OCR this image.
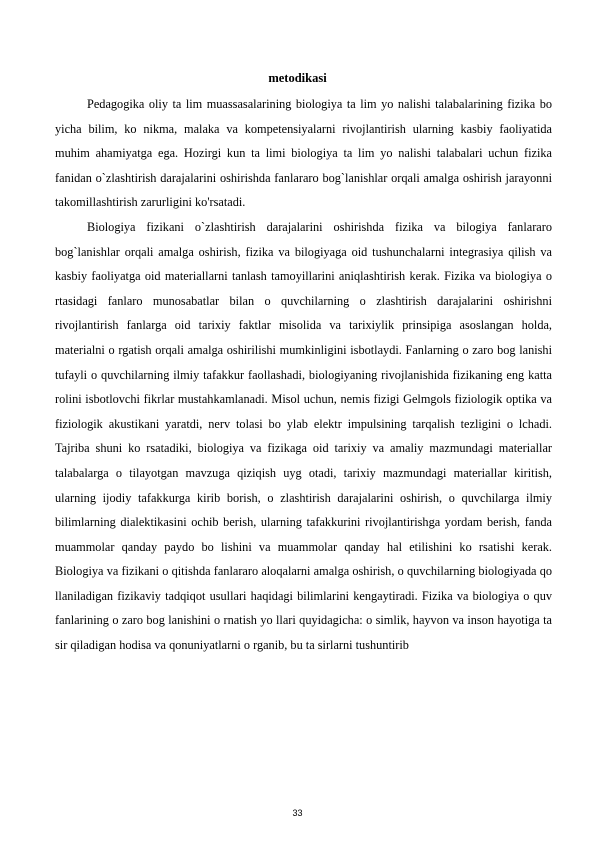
metodikasi

Pedagogika oliy ta lim muassasalarining biologiya ta lim yo nalishi talabalarining fizika bo yicha bilim, ko nikma, malaka va kompetensiyalarni rivojlantirish ularning kasbiy faoliyatida muhim ahamiyatga ega. Hozirgi kun ta limi biologiya ta lim yo nalishi talabalari uchun fizika fanidan o`zlashtirish darajalarini oshirishda fanlararo bog`lanishlar orqali amalga oshirish jarayonni takomillashtirish zarurligini ko'rsatadi.

Biologiya fizikani o`zlashtirish darajalarini oshirishda fizika va bilogiya fanlararo bog`lanishlar orqali amalga oshirish, fizika va bilogiyaga oid tushunchalarni integrasiya qilish va kasbiy faoliyatga oid materiallarni tanlash tamoyillarini aniqlashtirish kerak. Fizika va biologiya o rtasidagi fanlaro munosabatlar bilan o quvchilarning o zlashtirish darajalarini oshirishni rivojlantirish fanlarga oid tarixiy faktlar misolida va tarixiylik prinsipiga asoslangan holda, materialni o rgatish orqali amalga oshirilishi mumkinligini isbotlaydi. Fanlarning o zaro bog lanishi tufayli o quvchilarning ilmiy tafakkur faollashadi, biologiyaning rivojlanishida fizikaning eng katta rolini isbotlovchi fikrlar mustahkamlanadi. Misol uchun, nemis fizigi Gelmgols fiziologik optika va fiziologik akustikani yaratdi, nerv tolasi bo ylab elektr impulsining tarqalish tezligini o lchadi. Tajriba shuni ko rsatadiki, biologiya va fizikaga oid tarixiy va amaliy mazmundagi materiallar talabalarga o tilayotgan mavzuga qiziqish uyg otadi, tarixiy mazmundagi materiallar kiritish, ularning ijodiy tafakkurga kirib borish, o zlashtirish darajalarini oshirish, o quvchilarga ilmiy bilimlarning dialektikasini ochib berish, ularning tafakkurini rivojlantirishga yordam berish, fanda muammolar qanday paydo bo lishini va muammolar qanday hal etilishini ko rsatishi kerak. Biologiya va fizikani o qitishda fanlararo aloqalarni amalga oshirish, o quvchilarning biologiyada qo llaniladigan fizikaviy tadqiqot usullari haqidagi bilimlarini kengaytiradi. Fizika va biologiya o quv fanlarining o zaro bog lanishini o rnatish yo llari quyidagicha: o simlik, hayvon va inson hayotiga ta sir qiladigan hodisa va qonuniyatlarni o rganib, bu ta sirlarni tushuntirib

33
